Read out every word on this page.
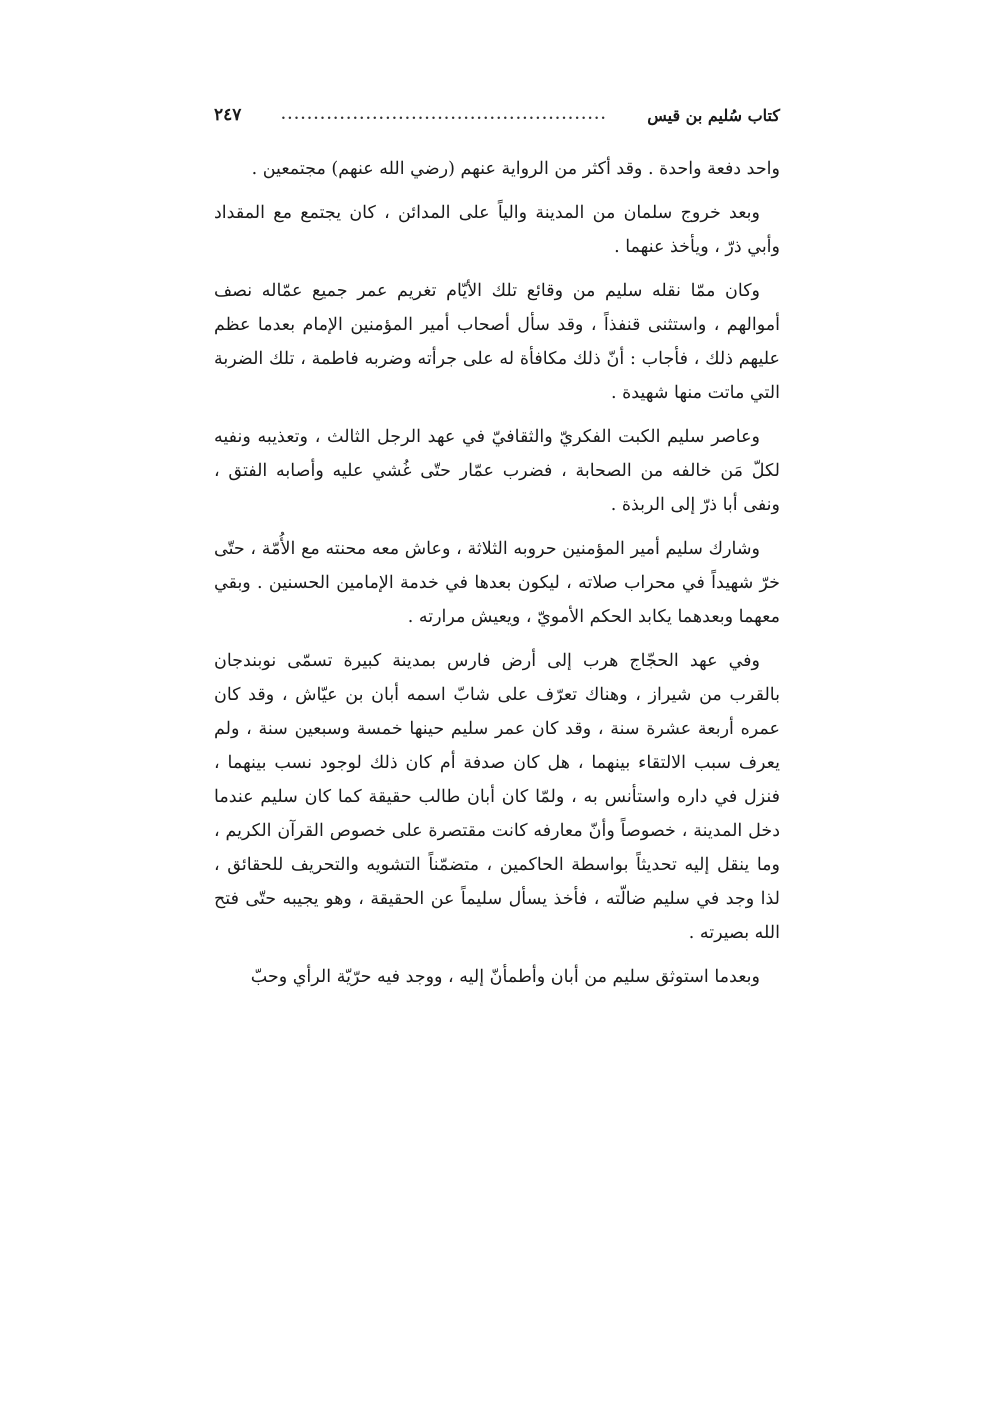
كتاب سُليم بن قيس
..................................................
٢٤٧

واحد دفعة واحدة . وقد أكثر من الرواية عنهم (رضي الله عنهم) مجتمعين .

وبعد خروج سلمان من المدينة والياً على المدائن ، كان يجتمع مع المقداد وأبي ذرّ ، ويأخذ عنهما .

وكان ممّا نقله سليم من وقائع تلك الأيّام تغريم عمر جميع عمّاله نصف أموالهم ، واستثنى قنفذاً ، وقد سأل أصحاب أمير المؤمنين الإمام بعدما عظم عليهم ذلك ، فأجاب : أنّ ذلك مكافأة له على جرأته وضربه فاطمة ، تلك الضربة التي ماتت منها شهيدة .

وعاصر سليم الكبت الفكريّ والثقافيّ في عهد الرجل الثالث ، وتعذيبه ونفيه لكلّ مَن خالفه من الصحابة ، فضرب عمّار حتّى غُشي عليه وأصابه الفتق ، ونفى أبا ذرّ إلى الربذة .

وشارك سليم أمير المؤمنين حروبه الثلاثة ، وعاش معه محنته مع الأُمّة ، حتّى خرّ شهيداً في محراب صلاته ، ليكون بعدها في خدمة الإمامين الحسنين . وبقي معهما وبعدهما يكابد الحكم الأمويّ ، ويعيش مرارته .

وفي عهد الحجّاج هرب إلى أرض فارس بمدينة كبيرة تسمّى نوبندجان بالقرب من شيراز ، وهناك تعرّف على شابّ اسمه أبان بن عيّاش ، وقد كان عمره أربعة عشرة سنة ، وقد كان عمر سليم حينها خمسة وسبعين سنة ، ولم يعرف سبب الالتقاء بينهما ، هل كان صدفة أم كان ذلك لوجود نسب بينهما ، فنزل في داره واستأنس به ، ولمّا كان أبان طالب حقيقة كما كان سليم عندما دخل المدينة ، خصوصاً وأنّ معارفه كانت مقتصرة على خصوص القرآن الكريم ، وما ينقل إليه تحديثاً بواسطة الحاكمين ، متضمّناً التشويه والتحريف للحقائق ، لذا وجد في سليم ضالّته ، فأخذ يسأل سليماً عن الحقيقة ، وهو يجيبه حتّى فتح الله بصيرته .

وبعدما استوثق سليم من أبان وأطمأنّ إليه ، ووجد فيه حرّيّة الرأي وحبّ
